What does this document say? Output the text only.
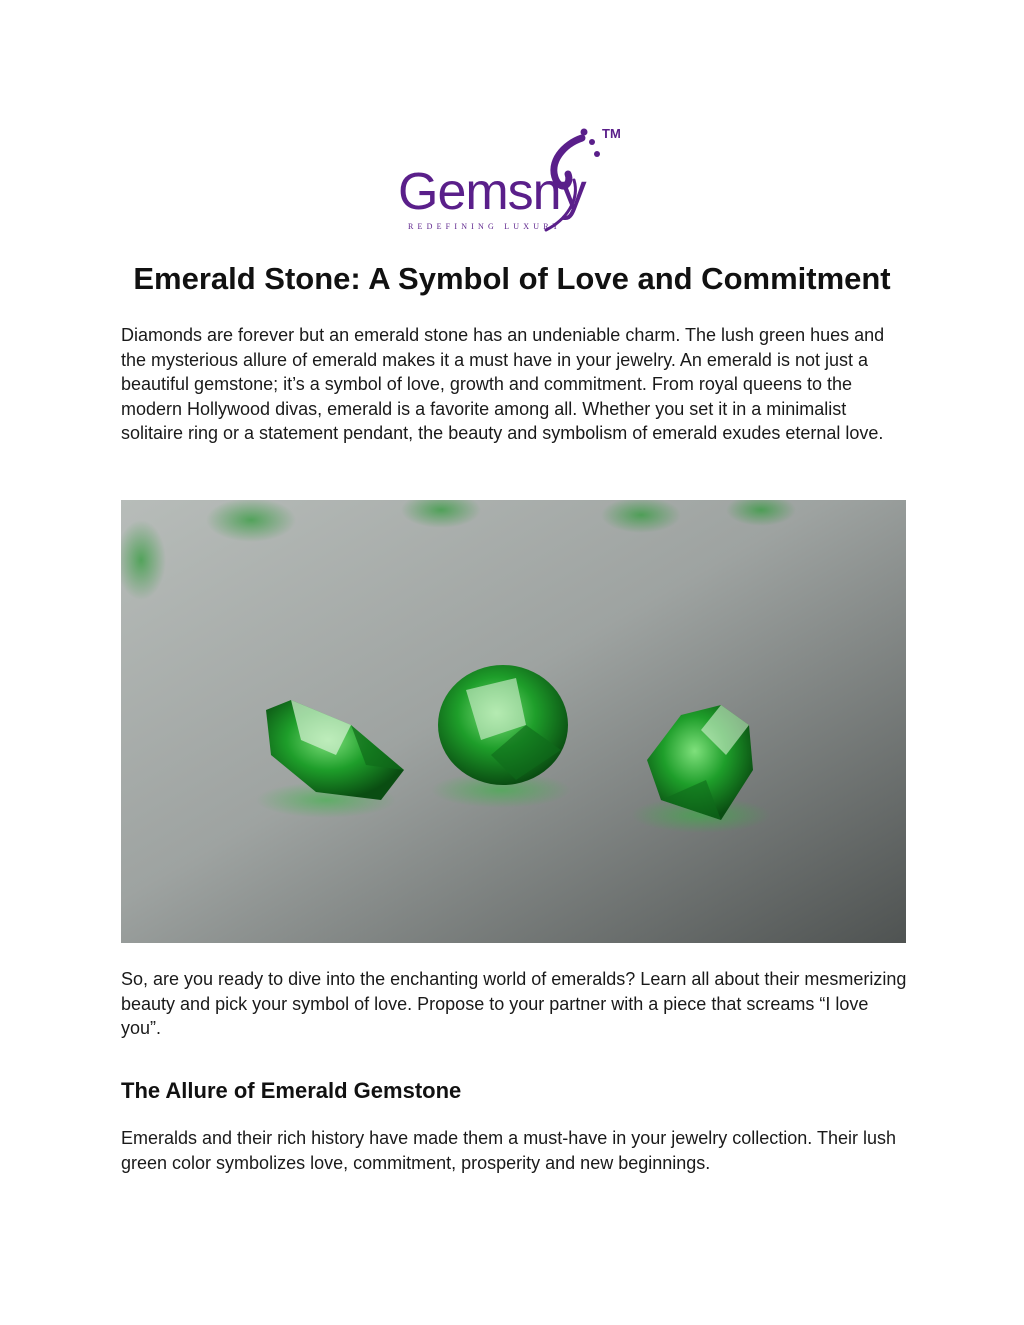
Gemsny
REDEFINING LUXURY
TM
Emerald Stone: A Symbol of Love and Commitment

Diamonds are forever but an emerald stone has an undeniable charm. The lush green hues and the mysterious allure of emerald makes it a must have in your jewelry. An emerald is not just a beautiful gemstone; it’s a symbol of love, growth and commitment. From royal queens to the modern Hollywood divas, emerald is a favorite among all. Whether you set it in a minimalist solitaire ring or a statement pendant, the beauty and symbolism of emerald exudes eternal love.

So, are you ready to dive into the enchanting world of emeralds? Learn all about their mesmerizing beauty and pick your symbol of love. Propose to your partner with a piece that screams “I love you”.

The Allure of Emerald Gemstone

Emeralds and their rich history have made them a must-have in your jewelry collection. Their lush green color symbolizes love, commitment, prosperity and new beginnings.
